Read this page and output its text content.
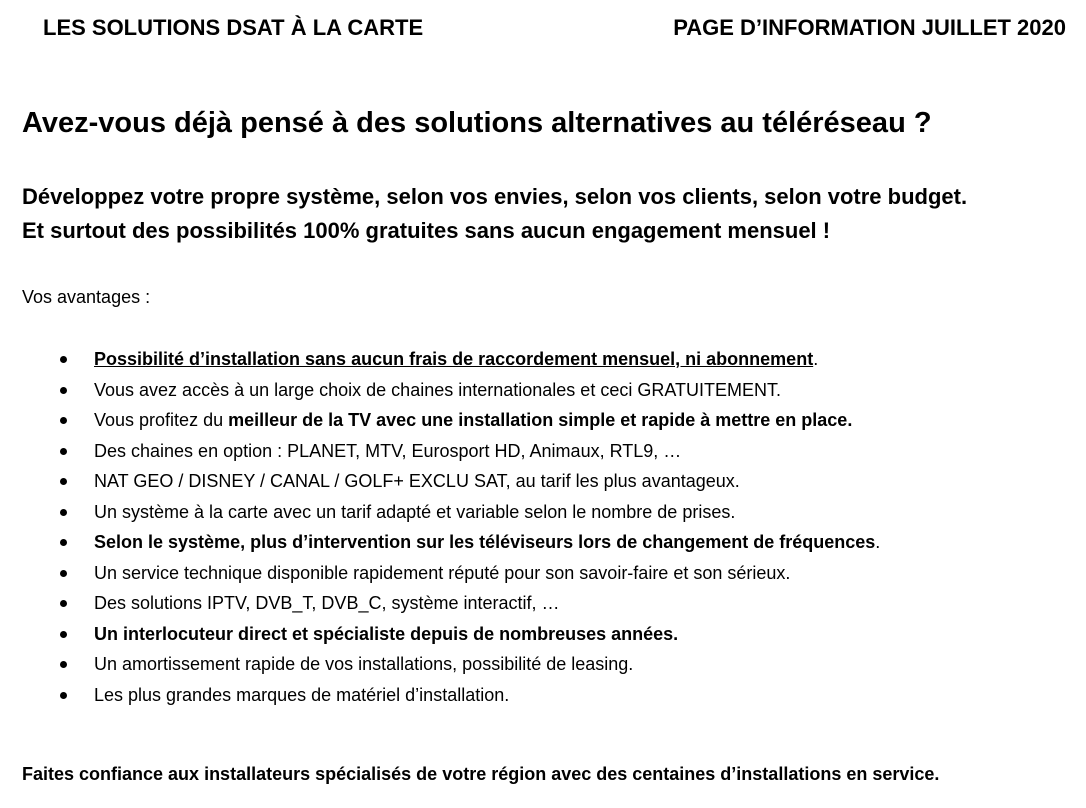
LES SOLUTIONS DSAT À LA CARTE	PAGE D’INFORMATION JUILLET 2020
Avez-vous déjà pensé à des solutions alternatives au téléréseau ?
Développez votre propre système, selon vos envies, selon vos clients, selon votre budget.
Et surtout des possibilités 100% gratuites sans aucun engagement mensuel !
Vos avantages :
Possibilité d’installation sans aucun frais de raccordement mensuel, ni abonnement.
Vous avez accès à un large choix de chaines internationales et ceci GRATUITEMENT.
Vous profitez du meilleur de la TV avec une installation simple et rapide à mettre en place.
Des chaines en option : PLANET, MTV, Eurosport HD, Animaux, RTL9, …
NAT GEO / DISNEY / CANAL / GOLF+ EXCLU SAT, au tarif les plus avantageux.
Un système à la carte avec un tarif adapté et variable selon le nombre de prises.
Selon le système, plus d’intervention sur les téléviseurs lors de changement de fréquences.
Un service technique disponible rapidement réputé pour son savoir-faire et son sérieux.
Des solutions IPTV, DVB_T, DVB_C, système interactif, …
Un interlocuteur direct et spécialiste depuis de nombreuses années.
Un amortissement rapide de vos installations, possibilité de leasing.
Les plus grandes marques de matériel d’installation.
Faites confiance aux installateurs spécialisés de votre région avec des centaines d’installations en service.
